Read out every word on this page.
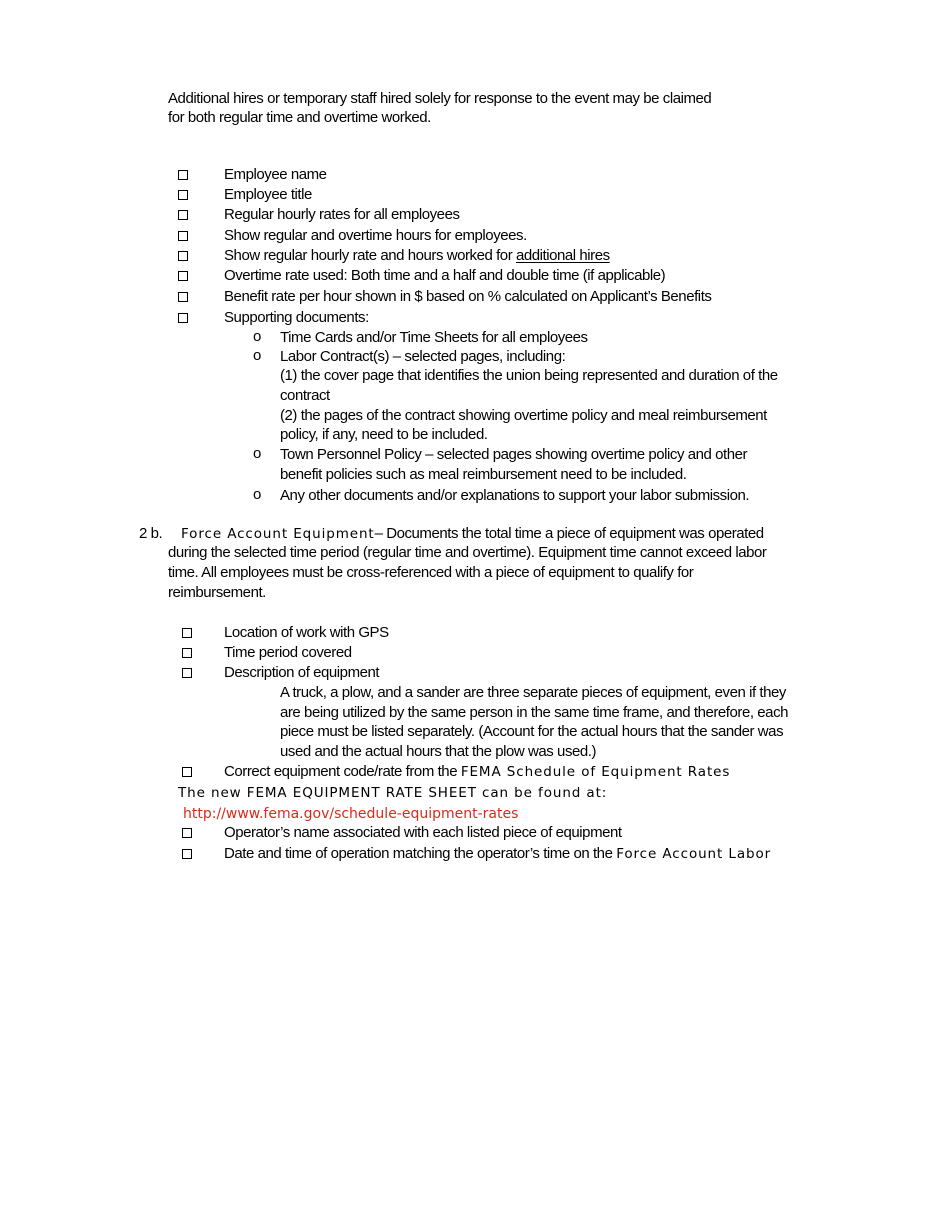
Additional hires or temporary staff hired solely for response to the event may be claimed
for both regular time and overtime worked.
Employee name
Employee title
Regular hourly rates for all employees
Show regular and overtime hours for employees.
Show regular hourly rate and hours worked for additional hires
Overtime rate used: Both time and a half and double time (if applicable)
Benefit rate per hour shown in $ based on % calculated on Applicant’s Benefits
Supporting documents:
o Time Cards and/or Time Sheets for all employees
o Labor Contract(s) – selected pages, including:
(1) the cover page that identifies the union being represented and duration of the
contract
(2) the pages of the contract showing overtime policy and meal reimbursement
policy, if any, need to be included.
o Town Personnel Policy – selected pages showing overtime policy and other
benefit policies such as meal reimbursement need to be included.
o Any other documents and/or explanations to support your labor submission.
2 b. Force Account Equipment– Documents the total time a piece of equipment was operated
during the selected time period (regular time and overtime). Equipment time cannot exceed labor
time. All employees must be cross-referenced with a piece of equipment to qualify for
reimbursement.
Location of work with GPS
Time period covered
Description of equipment
A truck, a plow, and a sander are three separate pieces of equipment, even if they
are being utilized by the same person in the same time frame, and therefore, each
piece must be listed separately. (Account for the actual hours that the sander was
used and the actual hours that the plow was used.)
Correct equipment code/rate from the FEMA Schedule of Equipment Rates
The new FEMA EQUIPMENT RATE SHEET can be found at:
http://www.fema.gov/schedule-equipment-rates
Operator’s name associated with each listed piece of equipment
Date and time of operation matching the operator’s time on the Force Account Labor
